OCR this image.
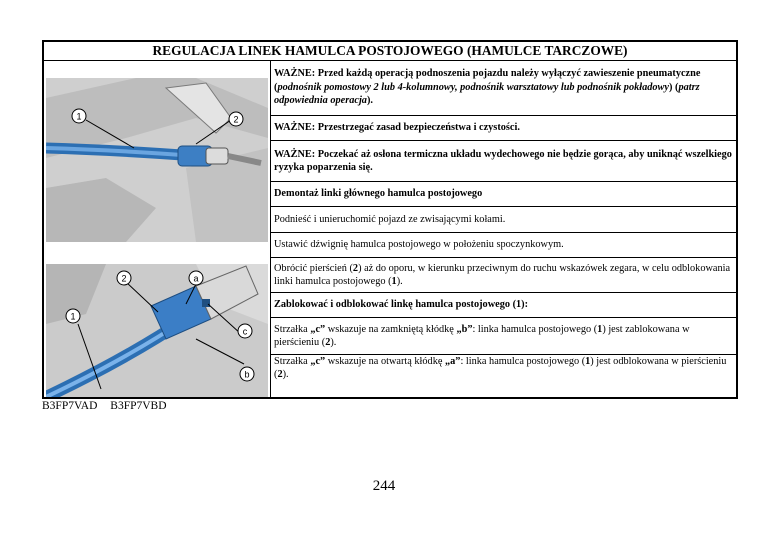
REGULACJA LINEK HAMULCA POSTOJOWEGO (HAMULCE TARCZOWE)
1	2
1
2	a
c
b
WAŻNE: Przed każdą operacją podnoszenia pojazdu należy wyłączyć zawieszenie pneumatyczne (podnośnik pomostowy 2 lub 4-kolumnowy, podnośnik warsztatowy lub podnośnik pokładowy) (patrz odpowiednia operacja).
WAŻNE: Przestrzegać zasad bezpieczeństwa i czystości.
WAŻNE: Poczekać aż osłona termiczna układu wydechowego nie będzie gorąca, aby uniknąć wszelkiego ryzyka poparzenia się.
Demontaż linki głównego hamulca postojowego
Podnieść i unieruchomić pojazd ze zwisającymi kołami.
Ustawić dźwignię hamulca postojowego w położeniu spoczynkowym.
Obrócić pierścień (2) aż do oporu, w kierunku przeciwnym do ruchu wskazówek zegara, w celu odblokowania linki hamulca postojowego (1).
Zablokować i odblokować linkę hamulca postojowego (1):
Strzałka „c” wskazuje na zamkniętą kłódkę „b”: linka hamulca postojowego (1) jest zablokowana w pierścieniu (2).
Strzałka „c” wskazuje na otwartą kłódkę „a”: linka hamulca postojowego (1) jest odblokowana w pierścieniu (2).
B3FP7VAD B3FP7VBD
244
